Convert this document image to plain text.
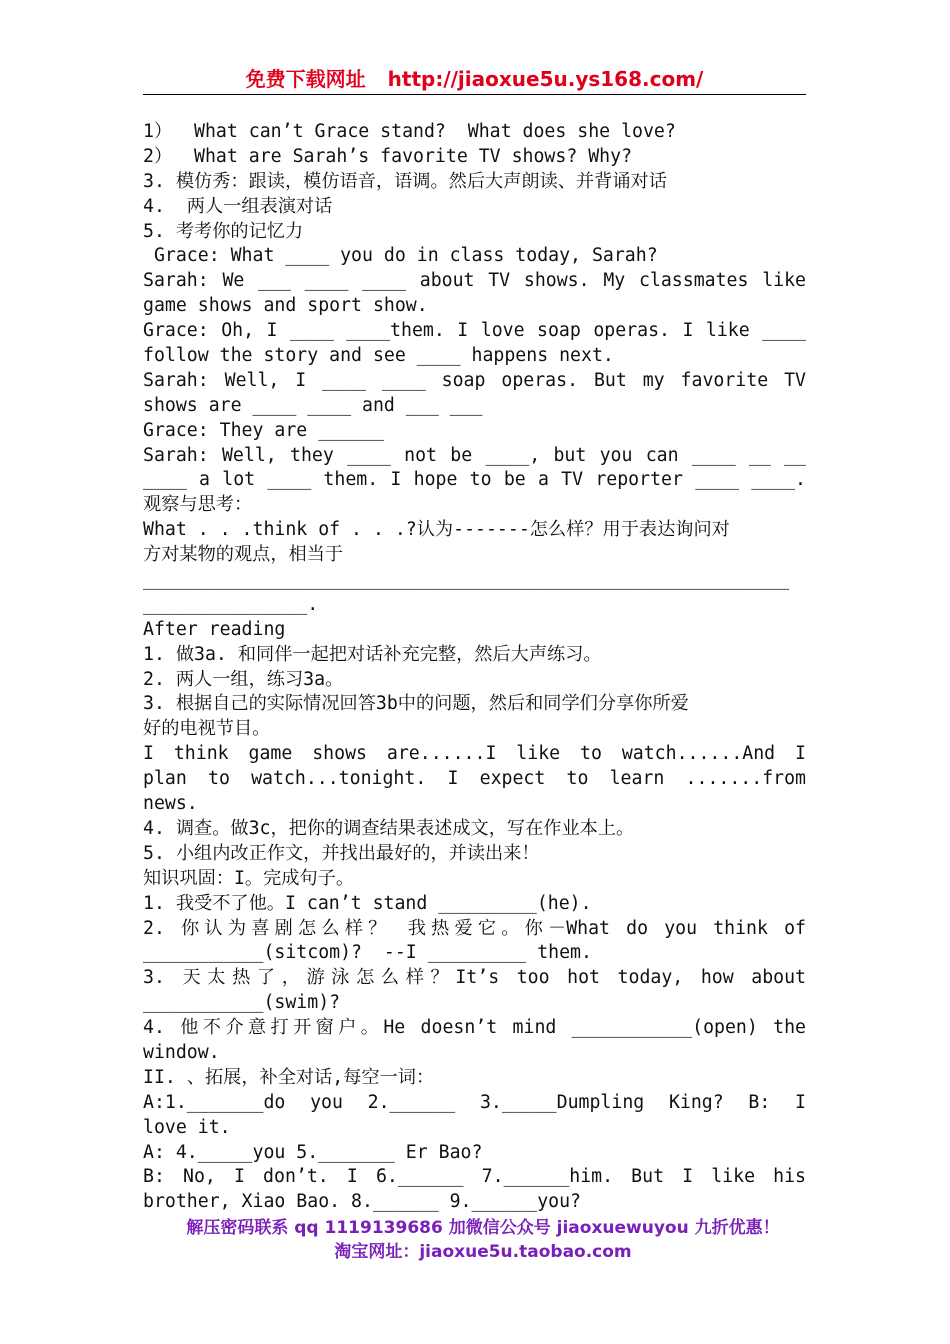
免费下载网址 http://jiaoxue5u.ys168.com/
1）  What can’t Grace stand?  What does she love?
2）  What are Sarah’s favorite TV shows? Why?
3. 模仿秀：跟读，模仿语音，语调。然后大声朗读、并背诵对话
4.  两人一组表演对话
5. 考考你的记忆力
Grace: What ____ you do in class today, Sarah?
Sarah: We ___ ____ ____ about TV shows. My classmates like
game shows and sport show.
Grace: Oh, I ____ ____them. I love soap operas. I like ____
follow the story and see ____ happens next.
Sarah: Well, I ____ ____ soap operas. But my favorite TV
shows are ____ ____ and ___ ___
Grace: They are ______
Sarah: Well, they ____ not be ____, but you can ____ __ __
____ a lot ____ them. I hope to be a TV reporter ____ ____.
观察与思考：
What . . .think of . . .?认为-------怎么样？用于表达询问对
方对某物的观点，相当于
___________________________________________________________
_______________.
After reading
1. 做3a. 和同伴一起把对话补充完整，然后大声练习。
2. 两人一组，练习3a。
3. 根据自己的实际情况回答3b中的问题，然后和同学们分享你所爱
好的电视节目。
I think game shows are......I like to watch......And I
plan to watch...tonight. I expect to learn .......from
news.
4. 调查。做3c，把你的调查结果表述成文，写在作业本上。
5. 小组内改正作文，并找出最好的，并读出来！
知识巩固：I。完成句子。
1. 我受不了他。I can’t stand _________(he).
2. 你认为喜剧怎么样？ 我热爱它。你－What do you think of
___________(sitcom)?  --I _________ them.
3. 天太热了，游泳怎么样？It’s too hot today, how about
___________(swim)?
4. 他不介意打开窗户。He doesn’t mind ___________(open) the
window.
II. 、拓展，补全对话,每空一词：
A:1._______do you 2.______ 3._____Dumpling King? B: I
love it.
A: 4._____you 5._______ Er Bao?
B: No, I don’t. I 6.______ 7.______him. But I like his
brother, Xiao Bao. 8.______ 9.______you?
解压密码联系 qq 1119139686 加微信公众号 jiaoxuewuyou 九折优惠！
淘宝网址：jiaoxue5u.taobao.com
